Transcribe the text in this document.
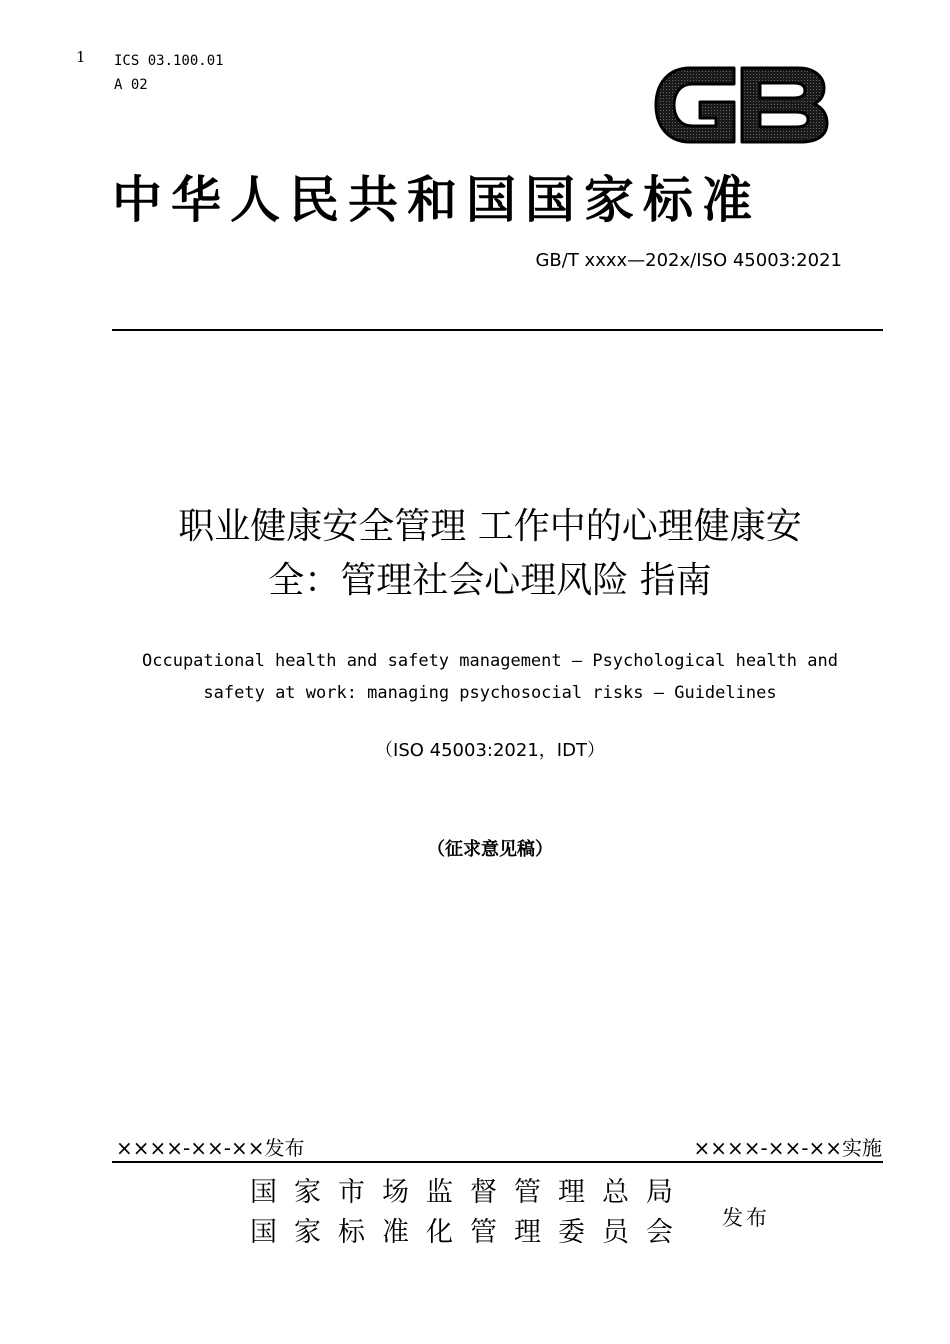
1 ICS 03.100.01
A 02
中华人民共和国国家标准
GB/T xxxx—202x/ISO 45003:2021
职业健康安全管理 工作中的心理健康安
全：管理社会心理风险 指南
Occupational health and safety management — Psychological health and
safety at work: managing psychosocial risks — Guidelines
（ISO 45003:2021，IDT）
（征求意见稿）
××××-××-××发布	××××-××-××实施
国家市场监督管理总局
国家标准化管理委员会 发布
